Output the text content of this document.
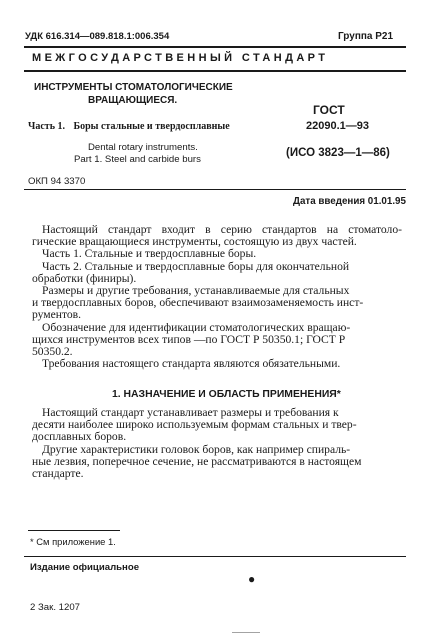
УДК 616.314—089.818.1:006.354	Группа Р21
МЕЖГОСУДАРСТВЕННЫЙ СТАНДАРТ
ИНСТРУМЕНТЫ СТОМАТОЛОГИЧЕСКИЕ
ВРАЩАЮЩИЕСЯ.
Часть 1. Боры стальные и твердосплавные
Dental rotary instruments.
Part 1. Steel and carbide burs
ГОСТ
22090.1—93
(ИСО 3823—1—86)
ОКП 94 3370
Дата введения 01.01.95
Настоящий стандарт входит в серию стандартов на стоматоло-
гические вращающиеся инструменты, состоящую из двух частей.
Часть 1. Стальные и твердосплавные боры.
Часть 2. Стальные и твердосплавные боры для окончательной
обработки (финиры).
Размеры и другие требования, устанавливаемые для стальных
и твердосплавных боров, обеспечивают взаимозаменяемость инст-
рументов.
Обозначение для идентификации стоматологических вращаю-
щихся инструментов всех типов —по ГОСТ Р 50350.1; ГОСТ Р
50350.2.
Требования настоящего стандарта являются обязательными.
1. НАЗНАЧЕНИЕ И ОБЛАСТЬ ПРИМЕНЕНИЯ*
Настоящий стандарт устанавливает размеры и требования к
десяти наиболее широко используемым формам стальных и твер-
досплавных боров.
Другие характеристики головок боров, как например спираль-
ные лезвия, поперечное сечение, не рассматриваются в настоящем
стандарте.
* См приложение 1.
Издание официальное
2 Зак. 1207
●
